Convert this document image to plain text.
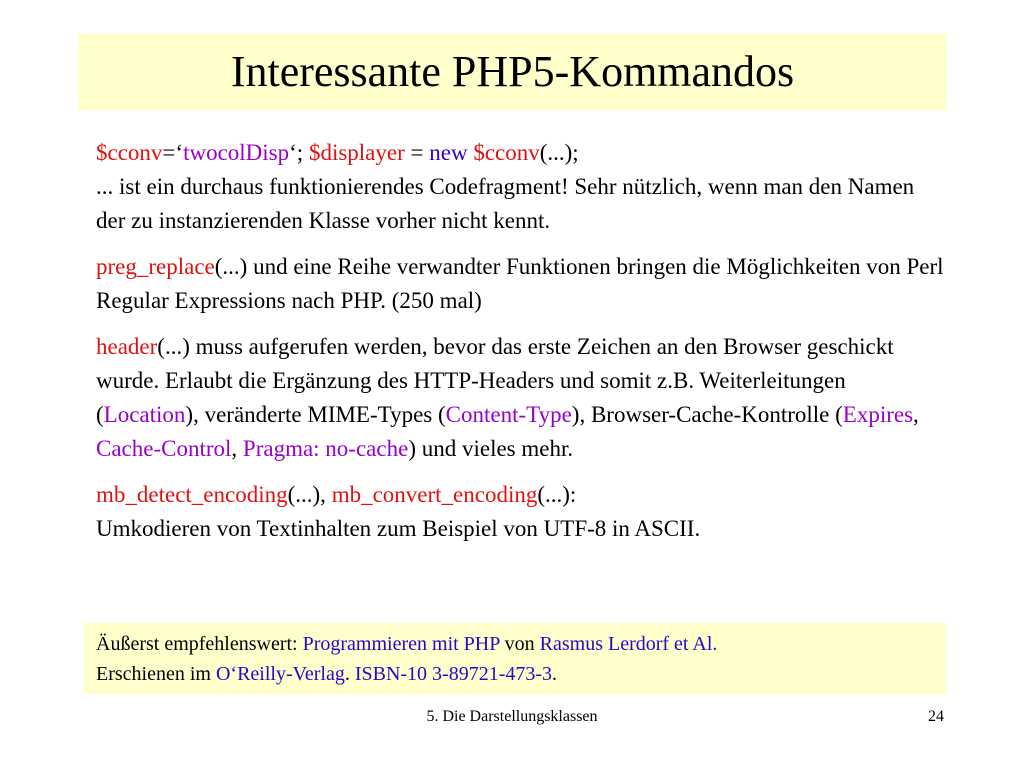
Interessante PHP5-Kommandos

$cconv=‘twocolDisp‘; $displayer = new $cconv(...);
... ist ein durchaus funktionierendes Codefragment! Sehr nützlich, wenn man den Namen der zu instanzierenden Klasse vorher nicht kennt.

preg_replace(...) und eine Reihe verwandter Funktionen bringen die Möglichkeiten von Perl Regular Expressions nach PHP. (250 mal)

header(...) muss aufgerufen werden, bevor das erste Zeichen an den Browser geschickt wurde. Erlaubt die Ergänzung des HTTP-Headers und somit z.B. Weiterleitungen (Location), veränderte MIME-Types (Content-Type), Browser-Cache-Kontrolle (Expires, Cache-Control, Pragma: no-cache) und vieles mehr.

mb_detect_encoding(...), mb_convert_encoding(...):
Umkodieren von Textinhalten zum Beispiel von UTF-8 in ASCII.

Äußerst empfehlenswert: Programmieren mit PHP von Rasmus Lerdorf et Al.
Erschienen im O‘Reilly-Verlag. ISBN-10 3-89721-473-3.
5. Die Darstellungsklassen	24
